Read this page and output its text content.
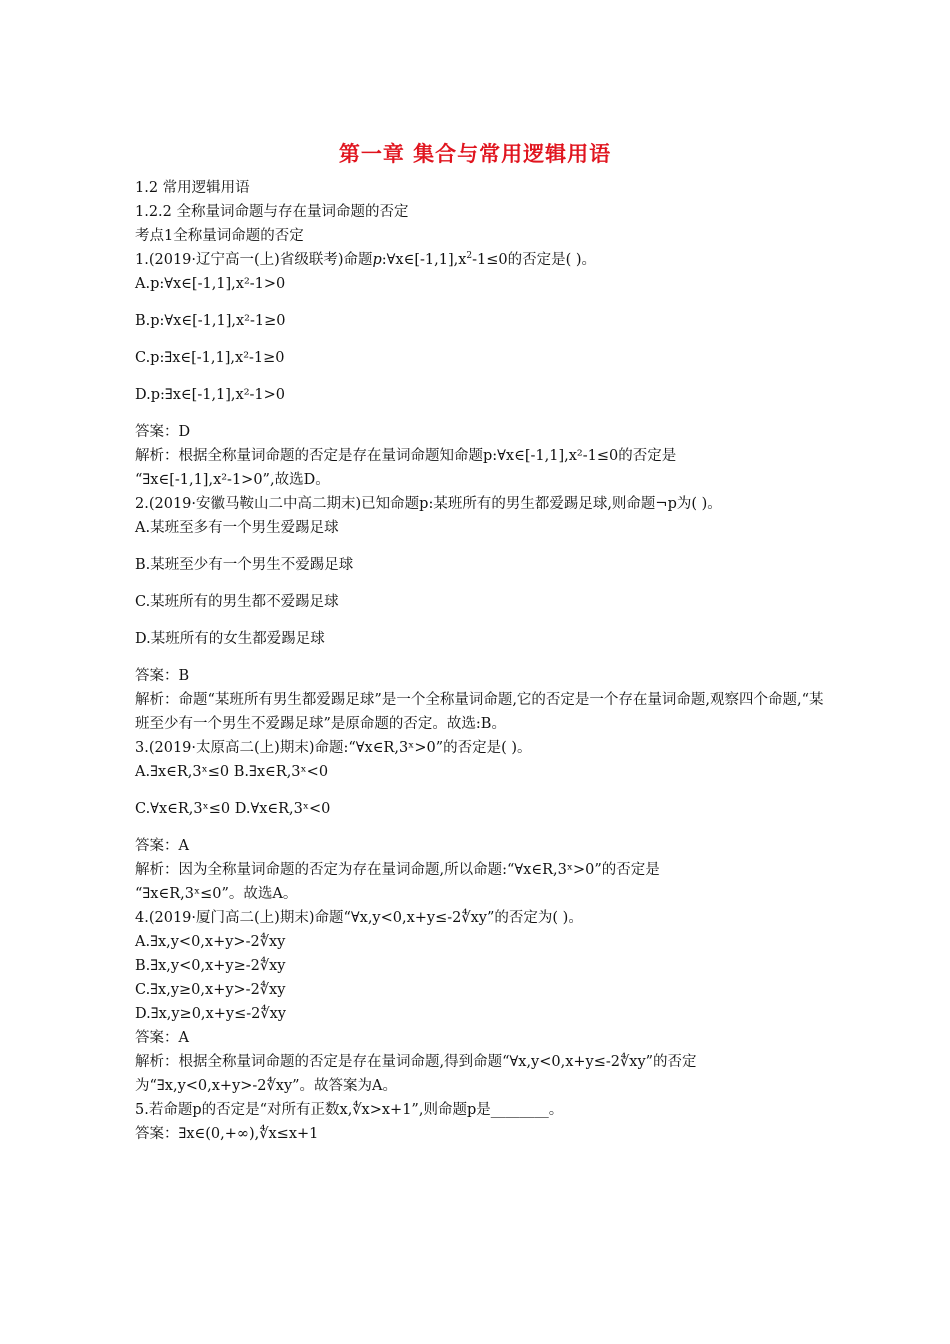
第一章 集合与常用逻辑用语
1.2 常用逻辑用语
1.2.2 全称量词命题与存在量词命题的否定
考点1全称量词命题的否定
1.(2019·辽宁高一(上)省级联考)命题$p:\forall x\in[-1,1],x^2-1\le 0$的否定是( )。
A.p:∀x∈[-1,1],x²-1>0
B.p:∀x∈[-1,1],x²-1≥0
C.p:∃x∈[-1,1],x²-1≥0
D.p:∃x∈[-1,1],x²-1>0
答案：D
解析：根据全称量词命题的否定是存在量词命题知命题p:∀x∈[-1,1],x²-1≤0的否定是
“∃x∈[-1,1],x²-1>0”,故选D。
2.(2019·安徽马鞍山二中高二期末)已知命题p:某班所有的男生都爱踢足球,则命题¬p为( )。
A.某班至多有一个男生爱踢足球
B.某班至少有一个男生不爱踢足球
C.某班所有的男生都不爱踢足球
D.某班所有的女生都爱踢足球
答案：B
解析：命题“某班所有男生都爱踢足球”是一个全称量词命题,它的否定是一个存在量词命题,观察四个命题,“某班至少有一个男生不爱踢足球”是原命题的否定。故选:B。
3.(2019·太原高二(上)期末)命题:“∀x∈R,3ˣ>0”的否定是( )。
A.∃x∈R,3ˣ≤0 B.∃x∈R,3ˣ<0
C.∀x∈R,3ˣ≤0 D.∀x∈R,3ˣ<0
答案：A
解析：因为全称量词命题的否定为存在量词命题,所以命题:“∀x∈R,3ˣ>0”的否定是
“∃x∈R,3ˣ≤0”。故选A。
4.(2019·厦门高二(上)期末)命题“∀x,y<0,x+y≤-2∜xy”的否定为( )。
A.∃x,y<0,x+y>-2∜xy
B.∃x,y<0,x+y≥-2∜xy
C.∃x,y≥0,x+y>-2∜xy
D.∃x,y≥0,x+y≤-2∜xy
答案：A
解析：根据全称量词命题的否定是存在量词命题,得到命题“∀x,y<0,x+y≤-2∜xy”的否定为“∃x,y<0,x+y>-2∜xy”。故答案为A。
5.若命题p的否定是“对所有正数x,∜x>x+1”,则命题p是________。
答案：∃x∈(0,+∞),∜x≤x+1
